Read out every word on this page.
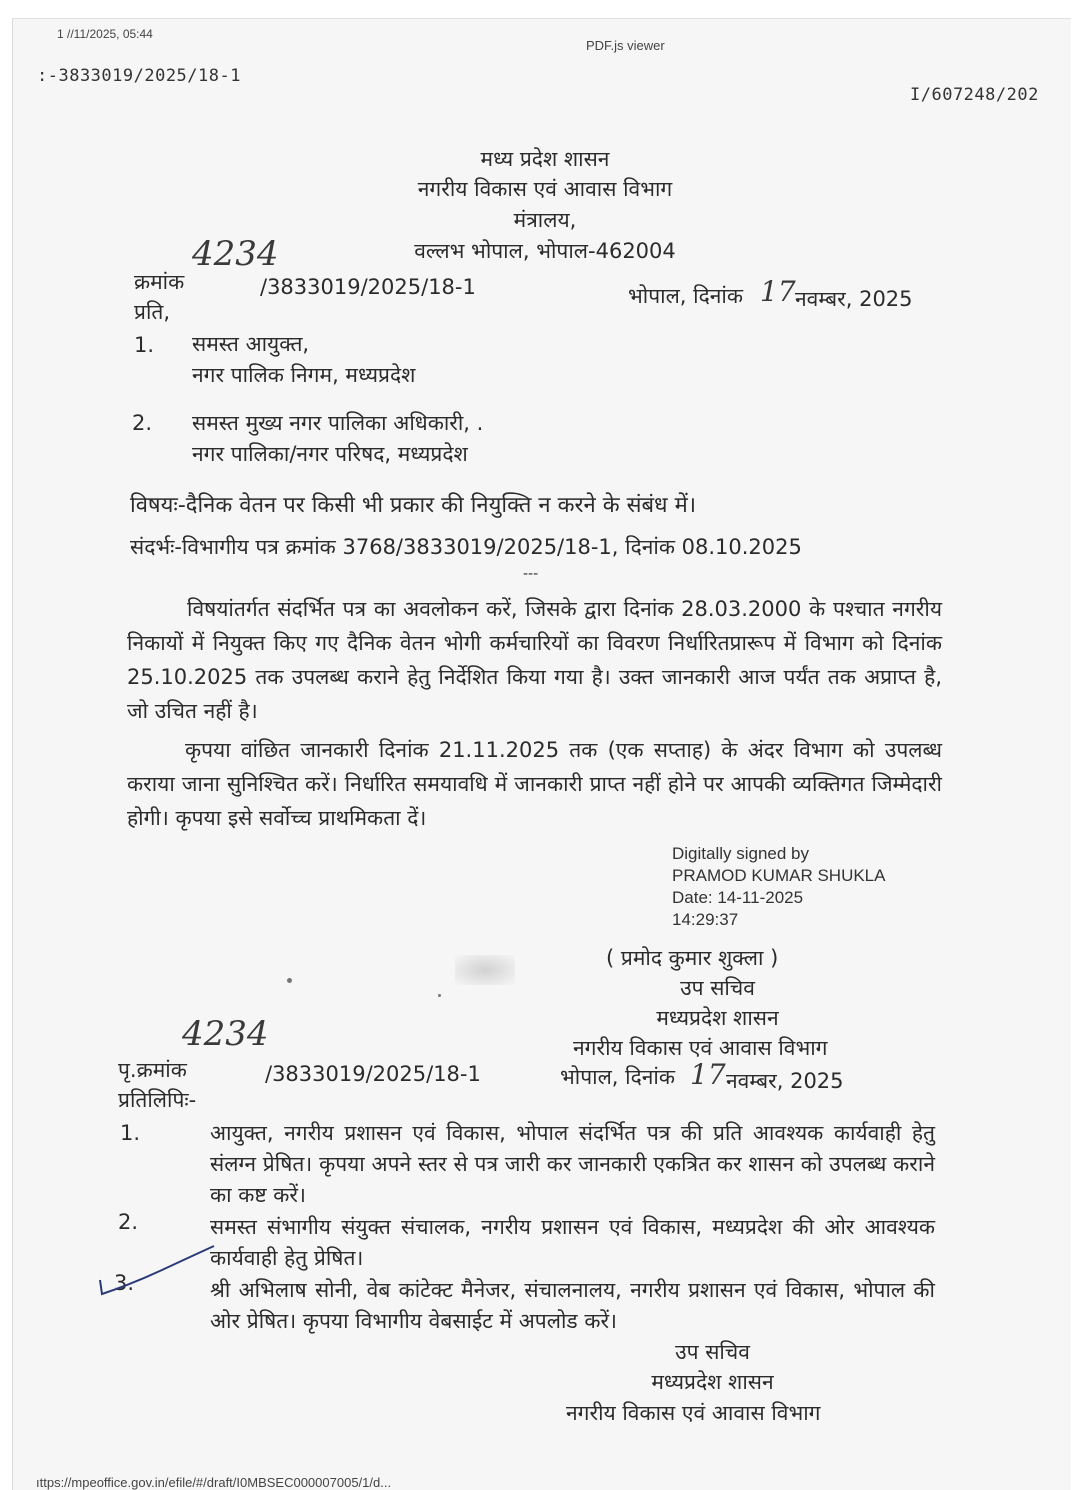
1 //11/2025, 05:44
PDF.js viewer
:-3833019/2025/18-1
I/607248/202
मध्य प्रदेश शासन
नगरीय विकास एवं आवास विभाग
मंत्रालय,
वल्लभ भोपाल, भोपाल-462004
4234
क्रमांक	/3833019/2025/18-1	भोपाल, दिनांक 17 नवम्बर, 2025
प्रति,
1. समस्त आयुक्त,
नगर पालिक निगम, मध्यप्रदेश
2. समस्त मुख्य नगर पालिका अधिकारी, .
नगर पालिका/नगर परिषद, मध्यप्रदेश
विषयः-दैनिक वेतन पर किसी भी प्रकार की नियुक्ति न करने के संबंध में।
संदर्भः-विभागीय पत्र क्रमांक 3768/3833019/2025/18-1, दिनांक 08.10.2025
---
विषयांतर्गत संदर्भित पत्र का अवलोकन करें, जिसके द्वारा दिनांक 28.03.2000 के पश्चात नगरीय निकायों में नियुक्त किए गए दैनिक वेतन भोगी कर्मचारियों का विवरण निर्धारितप्रारूप में विभाग को दिनांक 25.10.2025 तक उपलब्ध कराने हेतु निर्देशित किया गया है। उक्त जानकारी आज पर्यंत तक अप्राप्त है, जो उचित नहीं है।
कृपया वांछित जानकारी दिनांक 21.11.2025 तक (एक सप्ताह) के अंदर विभाग को उपलब्ध कराया जाना सुनिश्चित करें। निर्धारित समयावधि में जानकारी प्राप्त नहीं होने पर आपकी व्यक्तिगत जिम्मेदारी होगी। कृपया इसे सर्वोच्च प्राथमिकता दें।
Digitally signed by
PRAMOD KUMAR SHUKLA
Date: 14-11-2025
14:29:37
( प्रमोद कुमार शुक्ला )
उप सचिव
मध्यप्रदेश शासन
नगरीय विकास एवं आवास विभाग
4234
पृ.क्रमांक	/3833019/2025/18-1	भोपाल, दिनांक 17 नवम्बर, 2025
प्रतिलिपिः-
1.	आयुक्त, नगरीय प्रशासन एवं विकास, भोपाल संदर्भित पत्र की प्रति आवश्यक कार्यवाही हेतु संलग्न प्रेषित। कृपया अपने स्तर से पत्र जारी कर जानकारी एकत्रित कर शासन को उपलब्ध कराने का कष्ट करें।
2.	समस्त संभागीय संयुक्त संचालक, नगरीय प्रशासन एवं विकास, मध्यप्रदेश की ओर आवश्यक कार्यवाही हेतु प्रेषित।
3.	श्री अभिलाष सोनी, वेब कांटेक्ट मैनेजर, संचालनालय, नगरीय प्रशासन एवं विकास, भोपाल की ओर प्रेषित। कृपया विभागीय वेबसाईट में अपलोड करें।
उप सचिव
मध्यप्रदेश शासन
नगरीय विकास एवं आवास विभाग
ıttps://mpeoffice.gov.in/efile/#/draft/I0MBSEC000007005/1/d...
